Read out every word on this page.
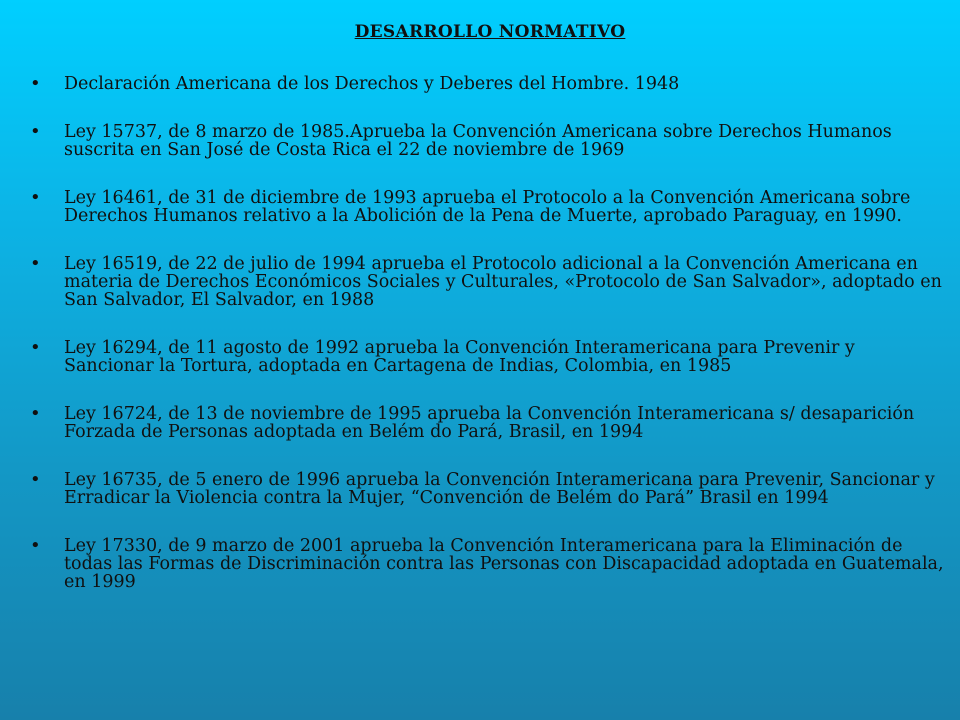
DESARROLLO NORMATIVO
• Declaración Americana de los Derechos y Deberes del Hombre. 1948
• Ley 15737, de 8 marzo de 1985.Aprueba la Convención Americana sobre Derechos Humanos suscrita en San José de Costa Rica el 22 de noviembre de 1969
• Ley 16461, de 31 de diciembre de 1993 aprueba el Protocolo a la Convención Americana sobre Derechos Humanos relativo a la Abolición de la Pena de Muerte, aprobado Paraguay, en 1990.
• Ley 16519, de 22 de julio de 1994 aprueba el Protocolo adicional a la Convención Americana en materia de Derechos Económicos Sociales y Culturales, «Protocolo de San Salvador», adoptado en San Salvador, El Salvador, en 1988
• Ley 16294, de 11 agosto de 1992 aprueba la Convención Interamericana para Prevenir y Sancionar la Tortura, adoptada en Cartagena de Indias, Colombia, en 1985
• Ley 16724, de 13 de noviembre de 1995 aprueba la Convención Interamericana s/ desaparición Forzada de Personas adoptada en Belém do Pará, Brasil, en 1994
• Ley 16735, de 5 enero de 1996 aprueba la Convención Interamericana para Prevenir, Sancionar y Erradicar la Violencia contra la Mujer, “Convención de Belém do Pará” Brasil en 1994
• Ley 17330, de 9 marzo de 2001 aprueba la Convención Interamericana para la Eliminación de todas las Formas de Discriminación contra las Personas con Discapacidad adoptada en Guatemala, en 1999
